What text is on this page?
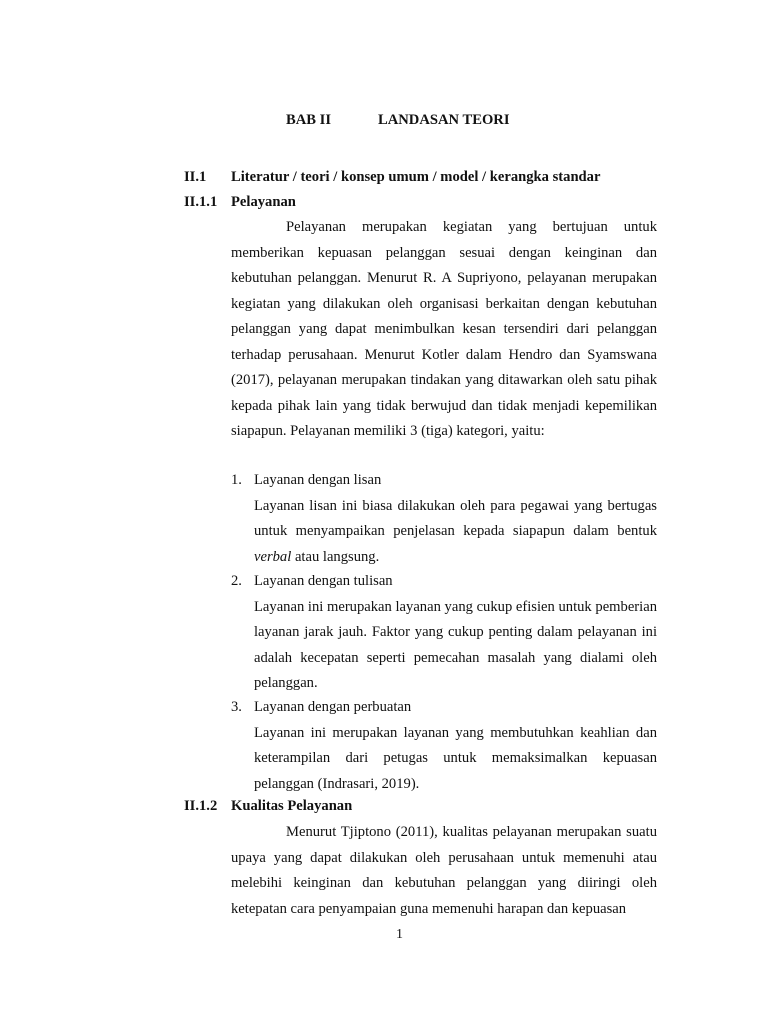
BAB II	LANDASAN TEORI
II.1 Literatur / teori / konsep umum / model / kerangka standar
II.1.1 Pelayanan

Pelayanan merupakan kegiatan yang bertujuan untuk memberikan kepuasan pelanggan sesuai dengan keinginan dan kebutuhan pelanggan. Menurut R. A Supriyono, pelayanan merupakan kegiatan yang dilakukan oleh organisasi berkaitan dengan kebutuhan pelanggan yang dapat menimbulkan kesan tersendiri dari pelanggan terhadap perusahaan. Menurut Kotler dalam Hendro dan Syamswana (2017), pelayanan merupakan tindakan yang ditawarkan oleh satu pihak kepada pihak lain yang tidak berwujud dan tidak menjadi kepemilikan siapapun. Pelayanan memiliki 3 (tiga) kategori, yaitu:

1. Layanan dengan lisan

Layanan lisan ini biasa dilakukan oleh para pegawai yang bertugas untuk menyampaikan penjelasan kepada siapapun dalam bentuk verbal atau langsung.

2. Layanan dengan tulisan

Layanan ini merupakan layanan yang cukup efisien untuk pemberian layanan jarak jauh. Faktor yang cukup penting dalam pelayanan ini adalah kecepatan seperti pemecahan masalah yang dialami oleh pelanggan.

3. Layanan dengan perbuatan

Layanan ini merupakan layanan yang membutuhkan keahlian dan keterampilan dari petugas untuk memaksimalkan kepuasan pelanggan (Indrasari, 2019).

II.1.2 Kualitas Pelayanan

Menurut Tjiptono (2011), kualitas pelayanan merupakan suatu upaya yang dapat dilakukan oleh perusahaan untuk memenuhi atau melebihi keinginan dan kebutuhan pelanggan yang diiringi oleh ketepatan cara penyampaian guna memenuhi harapan dan kepuasan

1
